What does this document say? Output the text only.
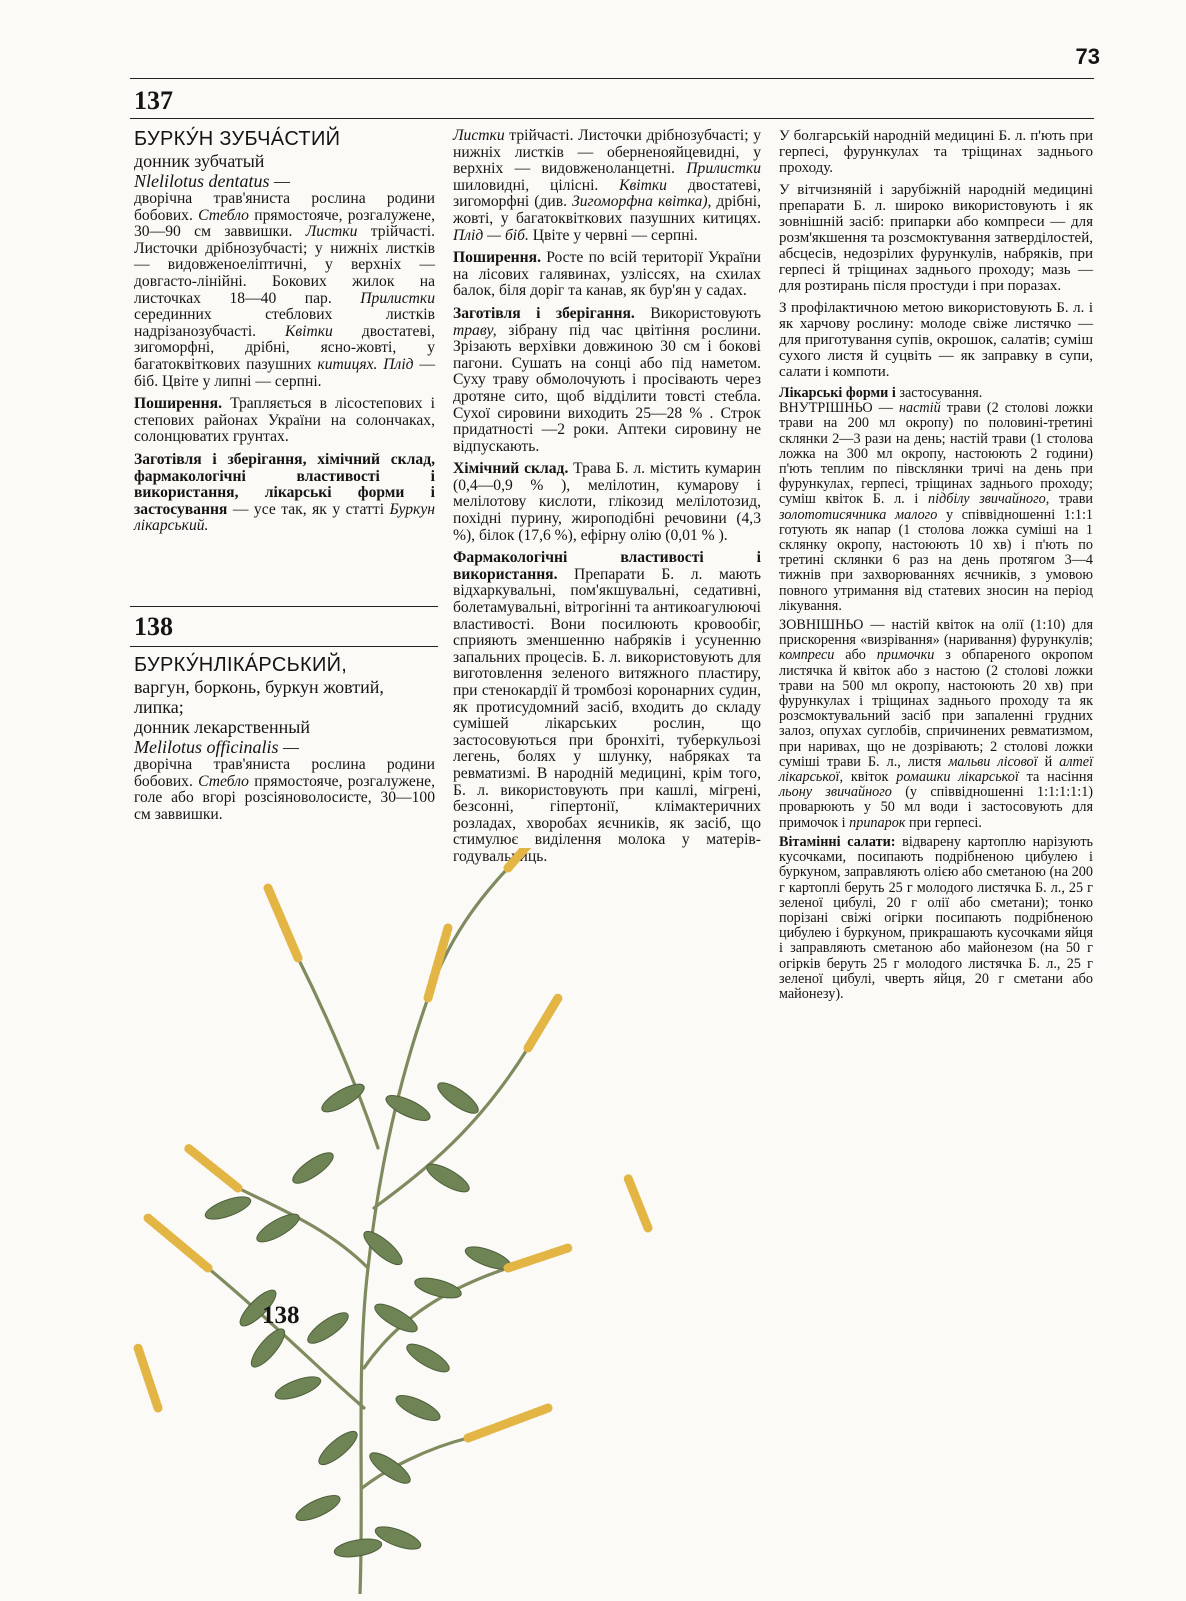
73
137
БУРКУ́Н ЗУБЧА́СТИЙ
донник зубчатый
Nlelilotus dentatus —

дворічна трав'яниста рослина родини бобових. Стебло прямостояче, розгалужене, 30—90 см заввишки. Листки трійчасті. Листочки дрібнозубчасті; у нижніх листків — видовженоеліптичні, у верхніх — довгасто-лінійні. Бокових жилок на листочках 18—40 пар. Прилистки серединних стеблових листків надрізанозубчасті. Квітки двостатеві, зигоморфні, дрібні, ясно-жовті, у багатоквіткових пазушних китицях. Плід — біб. Цвіте у липні — серпні.

Поширення. Трапляється в лісостепових і степових районах України на солончаках, солонцюватих грунтах.

Заготівля і зберігання, хімічний склад, фармакологічні властивості і використання, лікарські форми і застосування — усе так, як у статті Буркун лікарський.

138
БУРКУ́НЛІКА́РСЬКИЙ,
варгун, борконь, буркун жовтий, липка;
донник лекарственный
Melilotus officinalis —

дворічна трав'яниста рослина родини бобових. Стебло прямостояче, розгалужене, голе або вгорі розсіяноволосисте, 30—100 см заввишки.

Листки трійчасті. Листочки дрібнозубчасті; у нижніх листків — оберненояйцевидні, у верхніх — видовженоланцетні. Прилистки шиловидні, цілісні. Квітки двостатеві, зигоморфні (див. Зигоморфна квітка), дрібні, жовті, у багатоквіткових пазушних китицях. Плід — біб. Цвіте у червні — серпні.

Поширення. Росте по всій території України на лісових галявинах, узліссях, на схилах балок, біля доріг та канав, як бур'ян у садах.

Заготівля і зберігання. Використовують траву, зібрану під час цвітіння рослини. Зрізають верхівки довжиною 30 см і бокові пагони. Сушать на сонці або під наметом. Суху траву обмолочують і просівають через дротяне сито, щоб відділити товсті стебла. Сухої сировини виходить 25—28 % . Строк придатності —2 роки. Аптеки сировину не відпускають.

Хімічний склад. Трава Б. л. містить кумарин (0,4—0,9 % ), мелілотин, кумарову і мелілотову кислоти, глікозид мелілотозид, похідні пурину, жироподібні речовини (4,3 %), білок (17,6 %), ефірну олію (0,01 % ).

Фармакологічні властивості і використання. Препарати Б. л. мають відхаркувальні, пом'якшувальні, седативні, болетамувальні, вітрогінні та антикоагулюючі властивості. Вони посилюють кровообіг, сприяють зменшенню набряків і усуненню запальних процесів. Б. л. використовують для виготовлення зеленого витяжного пластиру, при стенокардії й тромбозі коронарних судин, як протисудомний засіб, входить до складу сумішей лікарських рослин, що застосовуються при бронхіті, туберкульозі легень, болях у шлунку, набряках та ревматизмі. В народній медицині, крім того, Б. л. використовують при кашлі, мігрені, безсонні, гіпертонії, клімактеричних розладах, хворобах яєчників, як засіб, що стимулює виділення молока у матерів-годувальниць.

У болгарській народній медицині Б. л. п'ють при герпесі, фурункулах та тріщинах заднього проходу.

У вітчизняній і зарубіжній народній медицині препарати Б. л. широко використовують і як зовнішній засіб: припарки або компреси — для розм'якшення та розсмоктування затверділостей, абсцесів, недозрілих фурункулів, набряків, при герпесі й тріщинах заднього проходу; мазь — для розтирань після простуди і при поразах.

З профілактичною метою використовують Б. л. і як харчову рослину: молоде свіже листячко — для приготування супів, окрошок, салатів; суміш сухого листя й суцвіть — як заправку в супи, салати і компоти.

Лікарські форми і застосування.

ВНУТРІШНЬО — настій трави (2 столові ложки трави на 200 мл окропу) по половині-третині склянки 2—3 рази на день; настій трави (1 столова ложка на 300 мл окропу, настоюють 2 години) п'ють теплим по півсклянки тричі на день при фурункулах, герпесі, тріщинах заднього проходу; суміш квіток Б. л. і підбілу звичайного, трави золототисячника малого у співвідношенні 1:1:1 готують як напар (1 столова ложка суміші на 1 склянку окропу, настоюють 10 хв) і п'ють по третині склянки 6 раз на день протягом 3—4 тижнів при захворюваннях яєчників, з умовою повного утримання від статевих зносин на період лікування.

ЗОВНІШНЬО — настій квіток на олії (1:10) для прискорення «визрівання» (наривання) фурункулів; компреси або примочки з обпареного окропом листячка й квіток або з настою (2 столові ложки трави на 500 мл окропу, настоюють 20 хв) при фурункулах і тріщинах заднього проходу та як розсмоктувальний засіб при запаленні грудних залоз, опухах суглобів, спричинених ревматизмом, при наривах, що не дозрівають; 2 столові ложки суміші трави Б. л., листя мальви лісової й алтеї лікарської, квіток ромашки лікарської та насіння льону звичайного (у співвідношенні 1:1:1:1:1) проварюють у 50 мл води і застосовують для примочок і припарок при герпесі.

Вітамінні салати: відварену картоплю нарізують кусочками, посипають подрібненою цибулею і буркуном, заправляють олією або сметаною (на 200 г картоплі беруть 25 г молодого листячка Б. л., 25 г зеленої цибулі, 20 г олії або сметани); тонко порізані свіжі огірки посипають подрібненою цибулею і буркуном, прикрашають кусочками яйця і заправляють сметаною або майонезом (на 50 г огірків беруть 25 г молодого листячка Б. л., 25 г зеленої цибулі, чверть яйця, 20 г сметани або майонезу).

138
